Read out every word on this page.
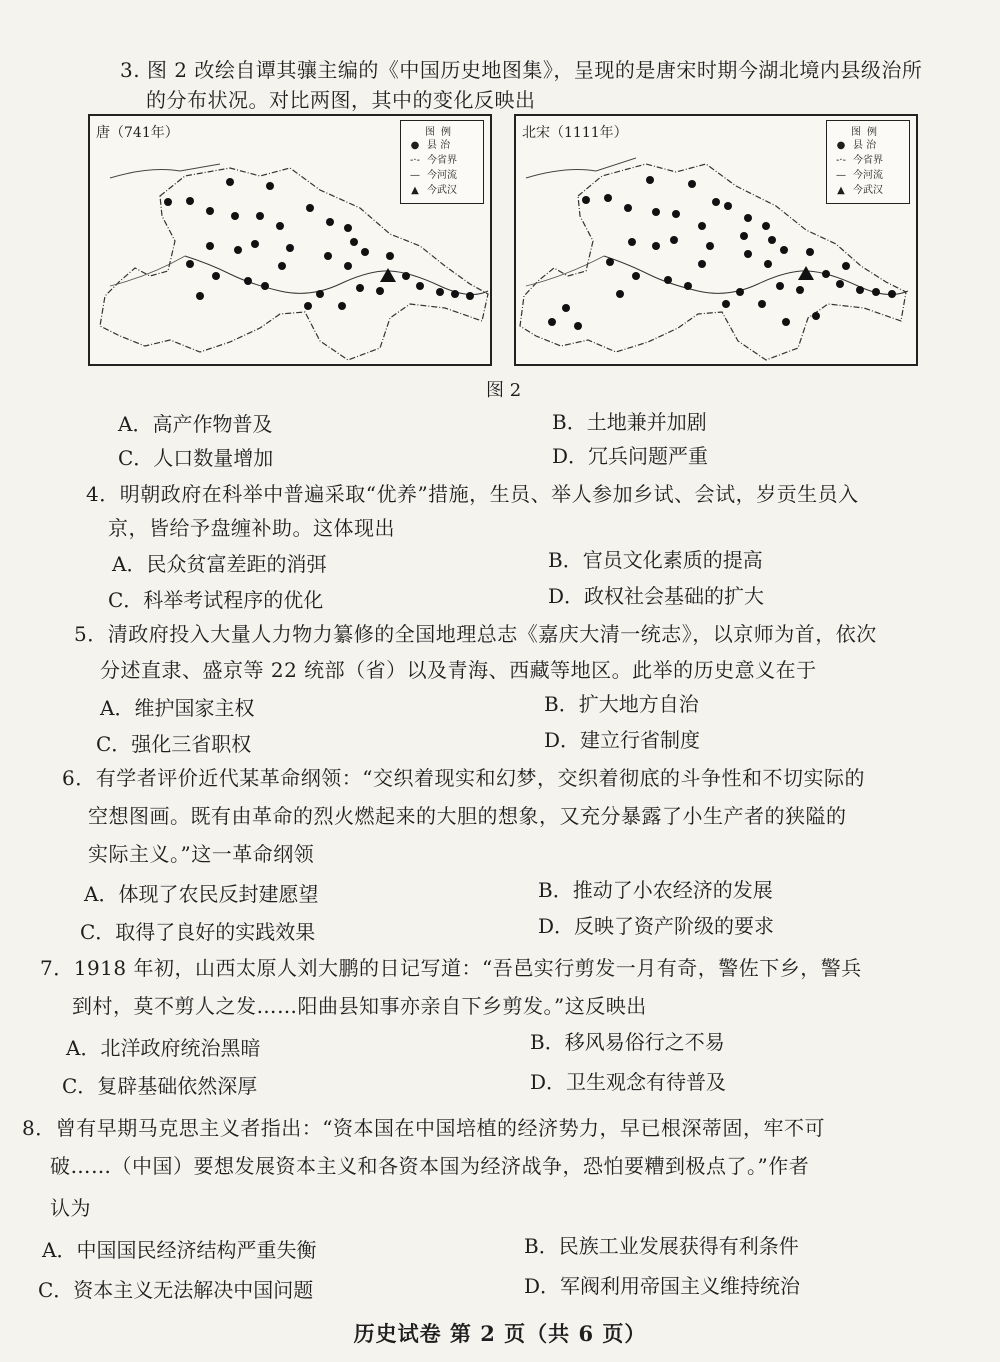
3. 图 2 改绘自谭其骧主编的《中国历史地图集》，呈现的是唐宋时期今湖北境内县级治所
的分布状况。对比两图，其中的变化反映出
唐（741年）	图例
● 县 治
-·- 今省界
— 今河流
▲ 今武汉
北宋（1111年）	图例
● 县 治
-·- 今省界
— 今河流
▲ 今武汉
图 2
A．高产作物普及	B．土地兼并加剧
C．人口数量增加	D．冗兵问题严重
4．明朝政府在科举中普遍采取“优养”措施，生员、举人参加乡试、会试，岁贡生员入
京，皆给予盘缠补助。这体现出
A．民众贫富差距的消弭	B．官员文化素质的提高
C．科举考试程序的优化	D．政权社会基础的扩大
5．清政府投入大量人力物力纂修的全国地理总志《嘉庆大清一统志》，以京师为首，依次
分述直隶、盛京等 22 统部（省）以及青海、西藏等地区。此举的历史意义在于
A．维护国家主权	B．扩大地方自治
C．强化三省职权	D．建立行省制度
6．有学者评价近代某革命纲领：“交织着现实和幻梦，交织着彻底的斗争性和不切实际的
空想图画。既有由革命的烈火燃起来的大胆的想象，又充分暴露了小生产者的狭隘的
实际主义。”这一革命纲领
A．体现了农民反封建愿望	B．推动了小农经济的发展
C．取得了良好的实践效果	D．反映了资产阶级的要求
7．1918 年初，山西太原人刘大鹏的日记写道：“吾邑实行剪发一月有奇，警佐下乡，警兵
到村，莫不剪人之发……阳曲县知事亦亲自下乡剪发。”这反映出
A．北洋政府统治黑暗	B．移风易俗行之不易
C．复辟基础依然深厚	D．卫生观念有待普及
8．曾有早期马克思主义者指出：“资本国在中国培植的经济势力，早已根深蒂固，牢不可
破……（中国）要想发展资本主义和各资本国为经济战争，恐怕要糟到极点了。”作者
认为
A．中国国民经济结构严重失衡	B．民族工业发展获得有利条件
C．资本主义无法解决中国问题	D．军阀利用帝国主义维持统治
历史试卷 第 2 页（共 6 页）
